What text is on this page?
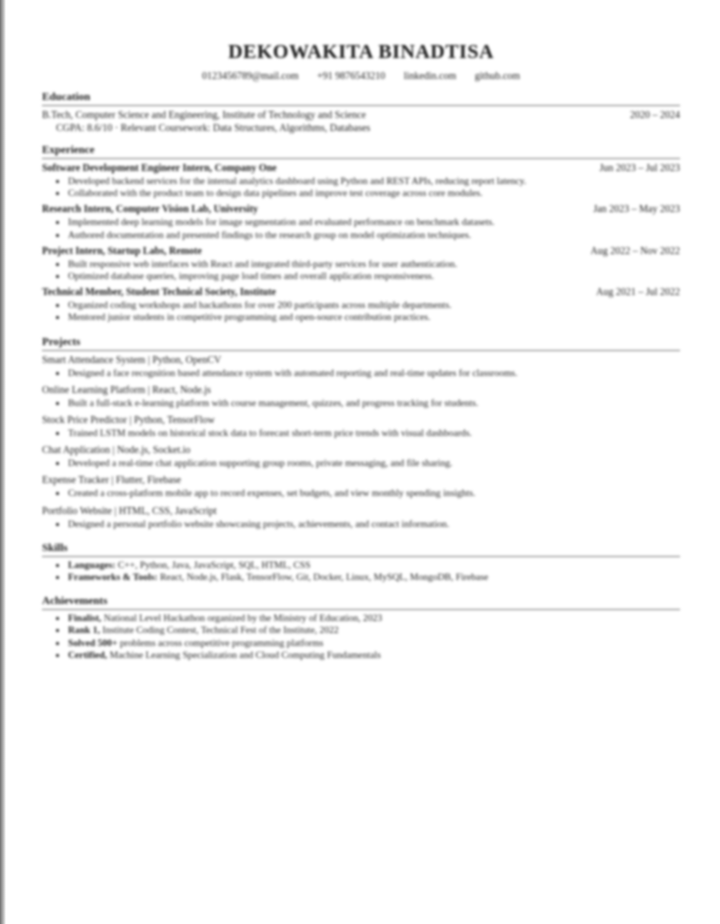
DEKOWAKITA BINADTISA
0123456789@mail.com +91 9876543210 linkedin.com github.com
Education
B.Tech, Computer Science and Engineering, Institute of Technology and Science	2020 – 2024
CGPA: 8.6/10 · Relevant Coursework: Data Structures, Algorithms, Databases
Experience
Software Development Engineer Intern, Company One	Jun 2023 – Jul 2023
• Developed backend services for the internal analytics dashboard using Python and REST APIs, reducing report latency.
• Collaborated with the product team to design data pipelines and improve test coverage across core modules.
Research Intern, Computer Vision Lab, University	Jan 2023 – May 2023
• Implemented deep learning models for image segmentation and evaluated performance on benchmark datasets.
• Authored documentation and presented findings to the research group on model optimization techniques.
Project Intern, Startup Labs, Remote	Aug 2022 – Nov 2022
• Built responsive web interfaces with React and integrated third-party services for user authentication.
• Optimized database queries, improving page load times and overall application responsiveness.
Technical Member, Student Technical Society, Institute	Aug 2021 – Jul 2022
• Organized coding workshops and hackathons for over 200 participants across multiple departments.
• Mentored junior students in competitive programming and open-source contribution practices.
Projects
Smart Attendance System | Python, OpenCV
• Designed a face recognition based attendance system with automated reporting and real-time updates for classrooms.
Online Learning Platform | React, Node.js
• Built a full-stack e-learning platform with course management, quizzes, and progress tracking for students.
Stock Price Predictor | Python, TensorFlow
• Trained LSTM models on historical stock data to forecast short-term price trends with visual dashboards.
Chat Application | Node.js, Socket.io
• Developed a real-time chat application supporting group rooms, private messaging, and file sharing.
Expense Tracker | Flutter, Firebase
• Created a cross-platform mobile app to record expenses, set budgets, and view monthly spending insights.
Portfolio Website | HTML, CSS, JavaScript
• Designed a personal portfolio website showcasing projects, achievements, and contact information.
Skills
• Languages: C++, Python, Java, JavaScript, SQL, HTML, CSS
• Frameworks & Tools: React, Node.js, Flask, TensorFlow, Git, Docker, Linux, MySQL, MongoDB, Firebase
Achievements
• Finalist, National Level Hackathon organized by the Ministry of Education, 2023
• Rank 1, Institute Coding Contest, Technical Fest of the Institute, 2022
• Solved 500+ problems across competitive programming platforms
• Certified, Machine Learning Specialization and Cloud Computing Fundamentals
